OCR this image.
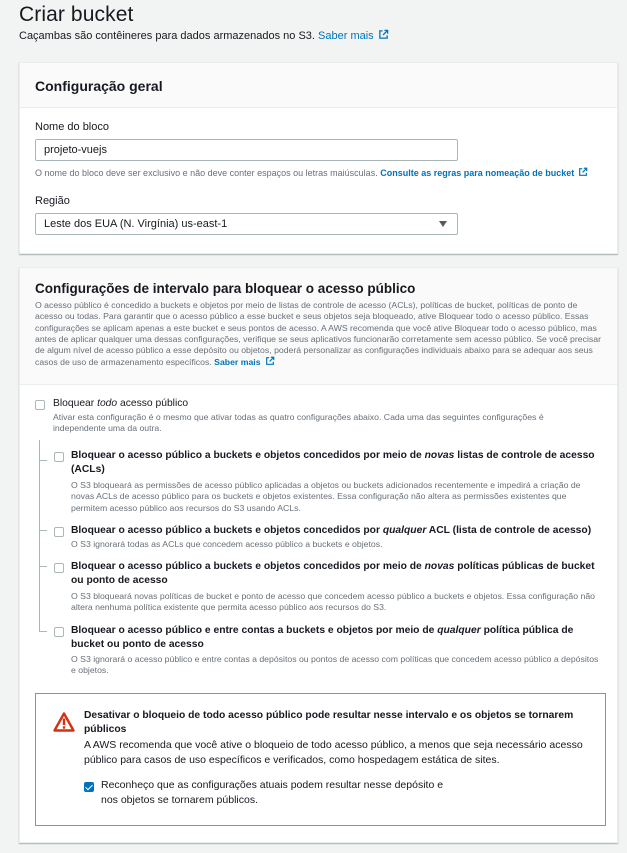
Criar bucket
Caçambas são contêineres para dados armazenados no S3. Saber mais
Configuração geral
Nome do bloco
projeto-vuejs
O nome do bloco deve ser exclusivo e não deve conter espaços ou letras maiúsculas. Consulte as regras para nomeação de bucket
Região
Leste dos EUA (N. Virgínia) us-east-1
Configurações de intervalo para bloquear o acesso público
O acesso público é concedido a buckets e objetos por meio de listas de controle de acesso (ACLs), políticas de bucket, políticas de ponto de acesso ou todas. Para garantir que o acesso público a esse bucket e seus objetos seja bloqueado, ative Bloquear todo o acesso público. Essas configurações se aplicam apenas a este bucket e seus pontos de acesso. A AWS recomenda que você ative Bloquear todo o acesso público, mas antes de aplicar qualquer uma dessas configurações, verifique se seus aplicativos funcionarão corretamente sem acesso público. Se você precisar de algum nível de acesso público a esse depósito ou objetos, poderá personalizar as configurações individuais abaixo para se adequar aos seus casos de uso de armazenamento específicos. Saber mais
Bloquear todo acesso público
Ativar esta configuração é o mesmo que ativar todas as quatro configurações abaixo. Cada uma das seguintes configurações é independente uma da outra.
Bloquear o acesso público a buckets e objetos concedidos por meio de novas listas de controle de acesso (ACLs)
O S3 bloqueará as permissões de acesso público aplicadas a objetos ou buckets adicionados recentemente e impedirá a criação de novas ACLs de acesso público para os buckets e objetos existentes. Essa configuração não altera as permissões existentes que permitem acesso público aos recursos do S3 usando ACLs.
Bloquear o acesso público a buckets e objetos concedidos por qualquer ACL (lista de controle de acesso)
O S3 ignorará todas as ACLs que concedem acesso público a buckets e objetos.
Bloquear o acesso público a buckets e objetos concedidos por meio de novas políticas públicas de bucket ou ponto de acesso
O S3 bloqueará novas políticas de bucket e ponto de acesso que concedem acesso público a buckets e objetos. Essa configuração não altera nenhuma política existente que permita acesso público aos recursos do S3.
Bloquear o acesso público e entre contas a buckets e objetos por meio de qualquer política pública de bucket ou ponto de acesso
O S3 ignorará o acesso público e entre contas a depósitos ou pontos de acesso com políticas que concedem acesso público a depósitos e objetos.
Desativar o bloqueio de todo acesso público pode resultar nesse intervalo e os objetos se tornarem públicos
A AWS recomenda que você ative o bloqueio de todo acesso público, a menos que seja necessário acesso público para casos de uso específicos e verificados, como hospedagem estática de sites.
Reconheço que as configurações atuais podem resultar nesse depósito e nos objetos se tornarem públicos.
